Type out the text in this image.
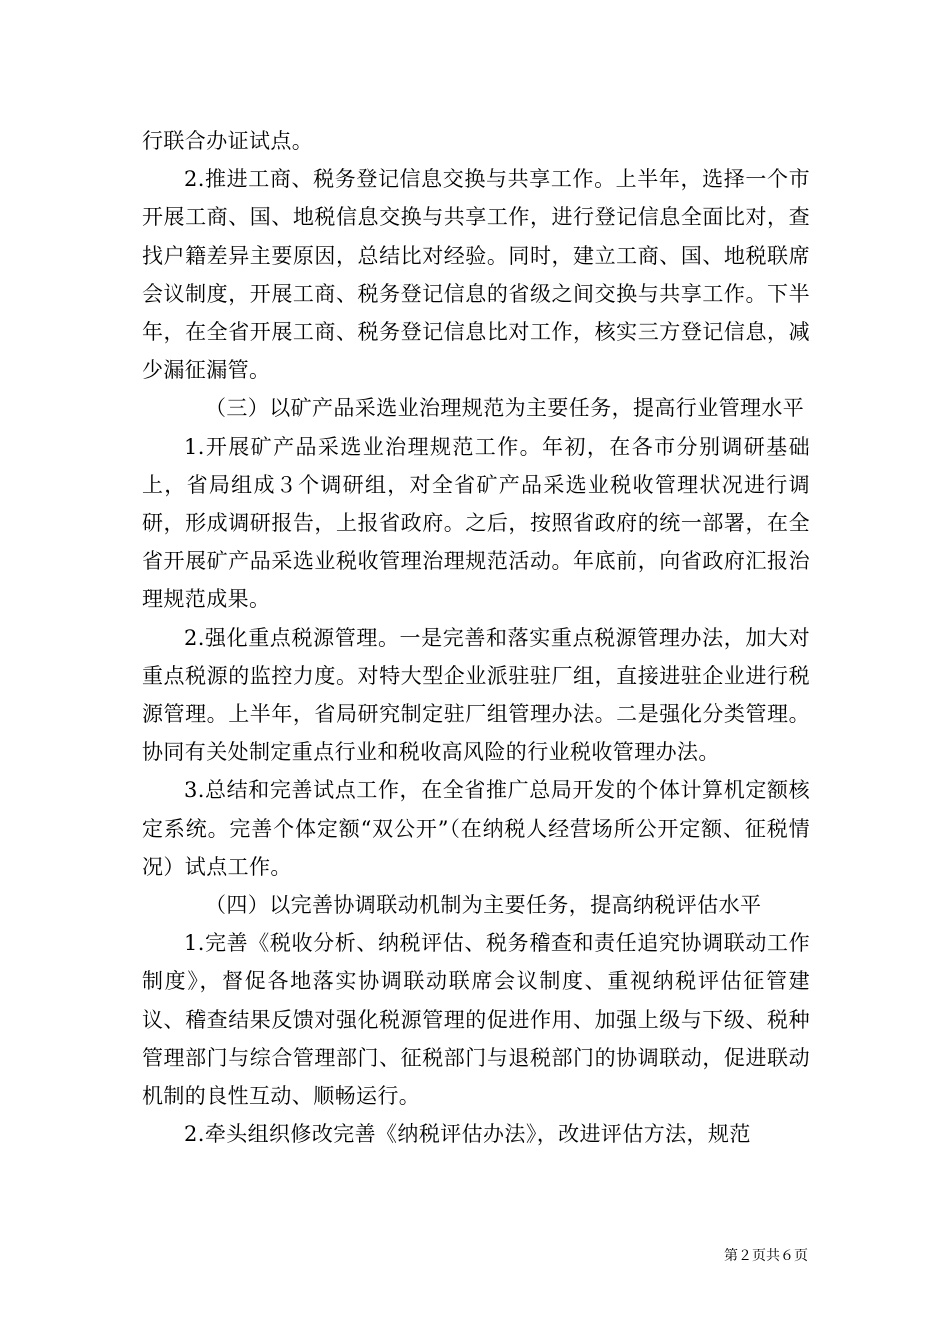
行联合办证试点。

2.推进工商、税务登记信息交换与共享工作。上半年，选择一个市开展工商、国、地税信息交换与共享工作，进行登记信息全面比对，查找户籍差异主要原因，总结比对经验。同时，建立工商、国、地税联席会议制度，开展工商、税务登记信息的省级之间交换与共享工作。下半年，在全省开展工商、税务登记信息比对工作，核实三方登记信息，减少漏征漏管。

（三）以矿产品采选业治理规范为主要任务，提高行业管理水平

1.开展矿产品采选业治理规范工作。年初，在各市分别调研基础上，省局组成３个调研组，对全省矿产品采选业税收管理状况进行调研，形成调研报告，上报省政府。之后，按照省政府的统一部署，在全省开展矿产品采选业税收管理治理规范活动。年底前，向省政府汇报治理规范成果。

2.强化重点税源管理。一是完善和落实重点税源管理办法，加大对重点税源的监控力度。对特大型企业派驻驻厂组，直接进驻企业进行税源管理。上半年，省局研究制定驻厂组管理办法。二是强化分类管理。协同有关处制定重点行业和税收高风险的行业税收管理办法。

3.总结和完善试点工作，在全省推广总局开发的个体计算机定额核定系统。完善个体定额“双公开”（在纳税人经营场所公开定额、征税情况）试点工作。

（四）以完善协调联动机制为主要任务，提高纳税评估水平

1.完善《税收分析、纳税评估、税务稽查和责任追究协调联动工作制度》，督促各地落实协调联动联席会议制度、重视纳税评估征管建议、稽查结果反馈对强化税源管理的促进作用、加强上级与下级、税种管理部门与综合管理部门、征税部门与退税部门的协调联动，促进联动机制的良性互动、顺畅运行。

2.牵头组织修改完善《纳税评估办法》，改进评估方法，规范

第２页共６页
